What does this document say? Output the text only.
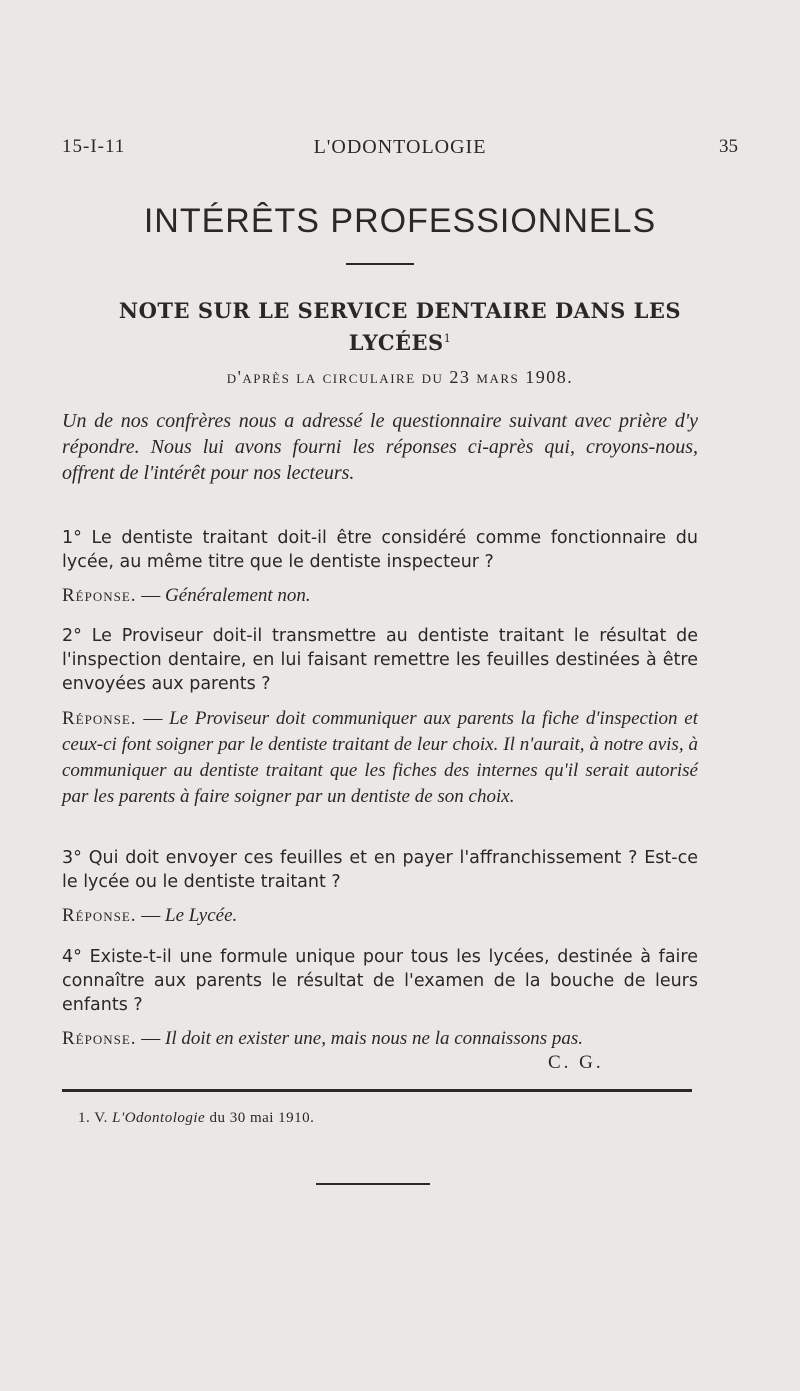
15-I-11	L'ODONTOLOGIE	35
INTÉRÊTS PROFESSIONNELS
NOTE SUR LE SERVICE DENTAIRE DANS LES LYCÉES$^1$
d'après la circulaire du 23 mars 1908.
Un de nos confrères nous a adressé le questionnaire suivant avec prière d'y répondre. Nous lui avons fourni les réponses ci-après qui, croyons-nous, offrent de l'intérêt pour nos lecteurs.
1° Le dentiste traitant doit-il être considéré comme fonctionnaire du lycée, au même titre que le dentiste inspecteur ?
Réponse. — Généralement non.
2° Le Proviseur doit-il transmettre au dentiste traitant le résultat de l'inspection dentaire, en lui faisant remettre les feuilles destinées à être envoyées aux parents ?
Réponse. — Le Proviseur doit communiquer aux parents la fiche d'inspection et ceux-ci font soigner par le dentiste traitant de leur choix. Il n'aurait, à notre avis, à communiquer au dentiste traitant que les fiches des internes qu'il serait autorisé par les parents à faire soigner par un dentiste de son choix.
3° Qui doit envoyer ces feuilles et en payer l'affranchissement ? Est-ce le lycée ou le dentiste traitant ?
Réponse. — Le Lycée.
4° Existe-t-il une formule unique pour tous les lycées, destinée à faire connaître aux parents le résultat de l'examen de la bouche de leurs enfants ?
Réponse. — Il doit en exister une, mais nous ne la connaissons pas.
C. G.
1. V. L'Odontologie du 30 mai 1910.
